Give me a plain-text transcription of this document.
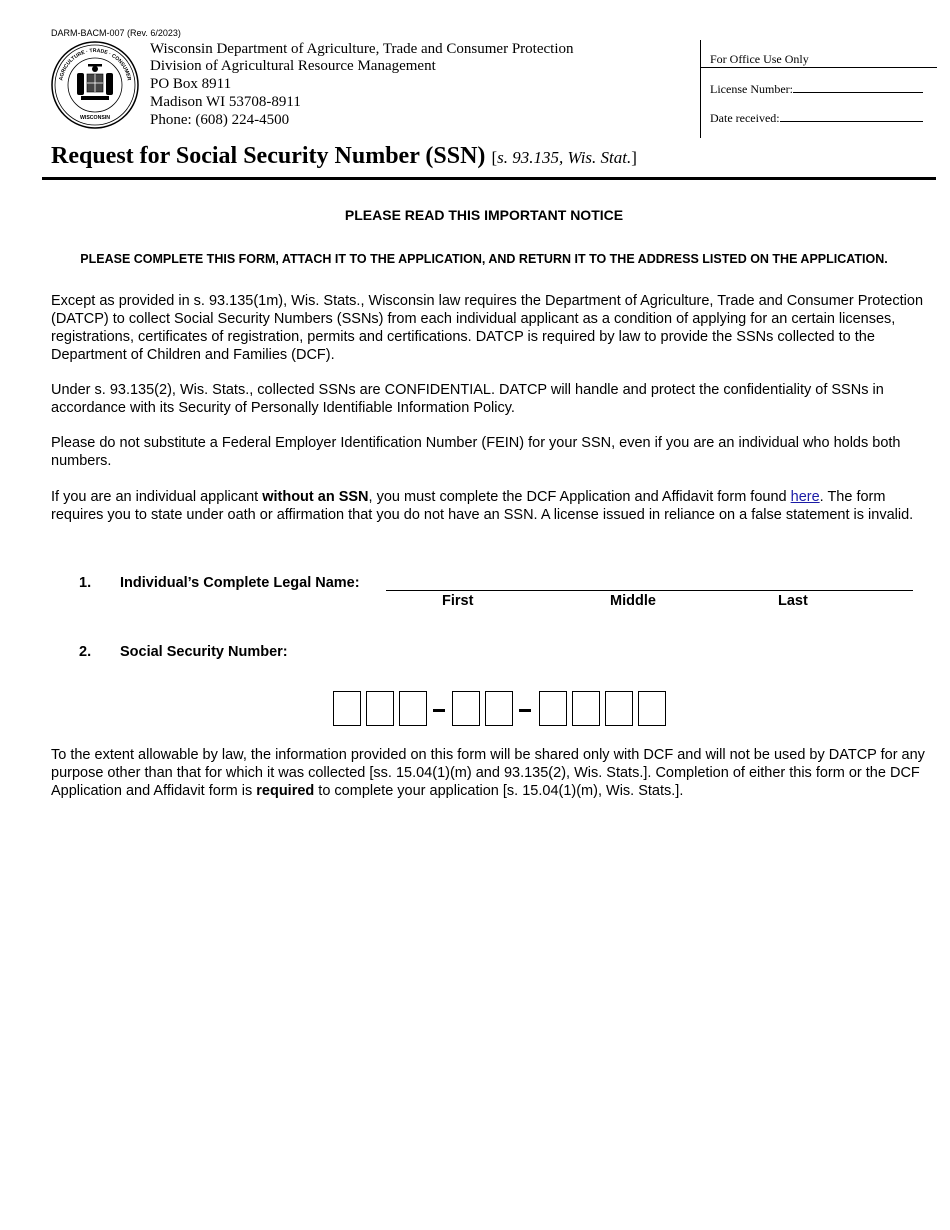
DARM-BACM-007 (Rev. 6/2023)
AGRICULTURE · TRADE · CONSUMER
WISCONSIN
Wisconsin Department of Agriculture, Trade and Consumer Protection
Division of Agricultural Resource Management
PO Box 8911
Madison WI 53708-8911
Phone: (608) 224-4500
For Office Use Only
License Number:
Date received:
Request for Social Security Number (SSN) [s. 93.135, Wis. Stat.]
PLEASE READ THIS IMPORTANT NOTICE
PLEASE COMPLETE THIS FORM, ATTACH IT TO THE APPLICATION, AND RETURN IT TO THE ADDRESS LISTED ON THE APPLICATION.
Except as provided in s. 93.135(1m), Wis. Stats., Wisconsin law requires the Department of Agriculture, Trade and Consumer Protection (DATCP) to collect Social Security Numbers (SSNs) from each individual applicant as a condition of applying for an certain licenses, registrations, certificates of registration, permits and certifications. DATCP is required by law to provide the SSNs collected to the Department of Children and Families (DCF).
Under s. 93.135(2), Wis. Stats., collected SSNs are CONFIDENTIAL. DATCP will handle and protect the confidentiality of SSNs in accordance with its Security of Personally Identifiable Information Policy.
Please do not substitute a Federal Employer Identification Number (FEIN) for your SSN, even if you are an individual who holds both numbers.
If you are an individual applicant without an SSN, you must complete the DCF Application and Affidavit form found here. The form requires you to state under oath or affirmation that you do not have an SSN. A license issued in reliance on a false statement is invalid.
1. Individual’s Complete Legal Name:
First	Middle	Last
2. Social Security Number:
To the extent allowable by law, the information provided on this form will be shared only with DCF and will not be used by DATCP for any purpose other than that for which it was collected [ss. 15.04(1)(m) and 93.135(2), Wis. Stats.]. Completion of either this form or the DCF Application and Affidavit form is required to complete your application [s. 15.04(1)(m), Wis. Stats.].
